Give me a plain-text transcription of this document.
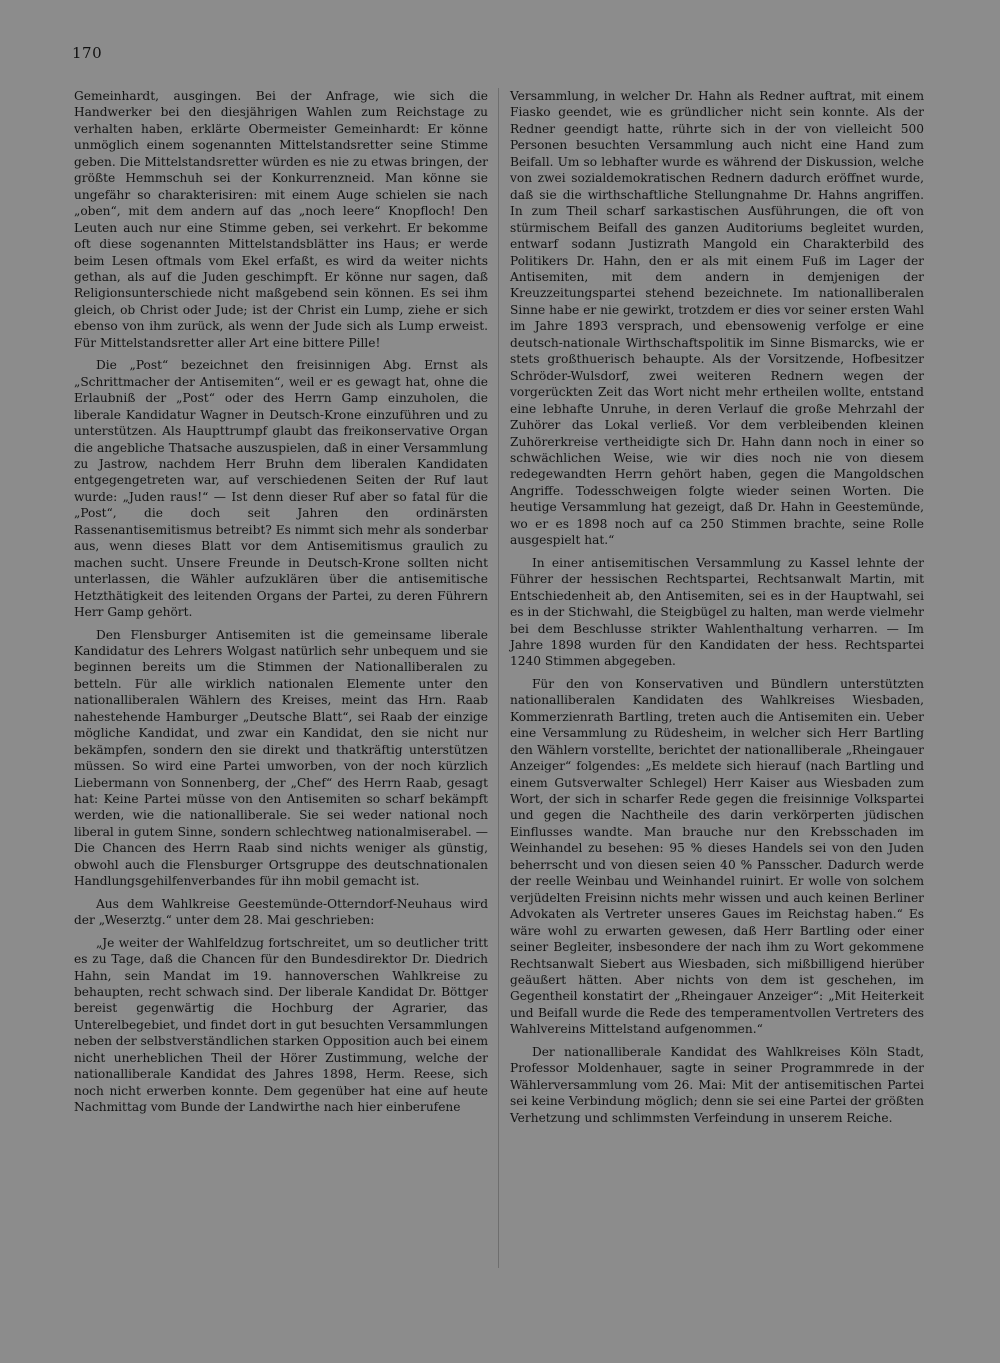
170

Gemeinhardt, ausgingen. Bei der Anfrage, wie sich die Handwerker bei den diesjährigen Wahlen zum Reichstage zu verhalten haben, erklärte Obermeister Gemeinhardt: Er könne unmöglich einem sogenannten Mittelstandsretter seine Stimme geben. Die Mittelstandsretter würden es nie zu etwas bringen, der größte Hemmschuh sei der Konkurrenzneid. Man könne sie ungefähr so charakterisiren: mit einem Auge schielen sie nach „oben“, mit dem andern auf das „noch leere“ Knopfloch! Den Leuten auch nur eine Stimme geben, sei verkehrt. Er bekomme oft diese sogenannten Mittelstandsblätter ins Haus; er werde beim Lesen oftmals vom Ekel erfaßt, es wird da weiter nichts gethan, als auf die Juden geschimpft. Er könne nur sagen, daß Religionsunterschiede nicht maßgebend sein können. Es sei ihm gleich, ob Christ oder Jude; ist der Christ ein Lump, ziehe er sich ebenso von ihm zurück, als wenn der Jude sich als Lump erweist. Für Mittelstandsretter aller Art eine bittere Pille!

Die „Post“ bezeichnet den freisinnigen Abg. Ernst als „Schrittmacher der Antisemiten“, weil er es gewagt hat, ohne die Erlaubniß der „Post“ oder des Herrn Gamp einzuholen, die liberale Kandidatur Wagner in Deutsch-Krone einzuführen und zu unterstützen. Als Haupttrumpf glaubt das freikonservative Organ die angebliche Thatsache auszuspielen, daß in einer Versammlung zu Jastrow, nachdem Herr Bruhn dem liberalen Kandidaten entgegengetreten war, auf verschiedenen Seiten der Ruf laut wurde: „Juden raus!“ — Ist denn dieser Ruf aber so fatal für die „Post“, die doch seit Jahren den ordinärsten Rassenantisemitismus betreibt? Es nimmt sich mehr als sonderbar aus, wenn dieses Blatt vor dem Antisemitismus graulich zu machen sucht. Unsere Freunde in Deutsch-Krone sollten nicht unterlassen, die Wähler aufzuklären über die antisemitische Hetzthätigkeit des leitenden Organs der Partei, zu deren Führern Herr Gamp gehört.

Den Flensburger Antisemiten ist die gemeinsame liberale Kandidatur des Lehrers Wolgast natürlich sehr unbequem und sie beginnen bereits um die Stimmen der Nationalliberalen zu betteln. Für alle wirklich nationalen Elemente unter den nationalliberalen Wählern des Kreises, meint das Hrn. Raab nahestehende Hamburger „Deutsche Blatt“, sei Raab der einzige mögliche Kandidat, und zwar ein Kandidat, den sie nicht nur bekämpfen, sondern den sie direkt und thatkräftig unterstützen müssen. So wird eine Partei umworben, von der noch kürzlich Liebermann von Sonnenberg, der „Chef“ des Herrn Raab, gesagt hat: Keine Partei müsse von den Antisemiten so scharf bekämpft werden, wie die nationalliberale. Sie sei weder national noch liberal in gutem Sinne, sondern schlechtweg nationalmiserabel. — Die Chancen des Herrn Raab sind nichts weniger als günstig, obwohl auch die Flensburger Ortsgruppe des deutschnationalen Handlungsgehilfenverbandes für ihn mobil gemacht ist.

Aus dem Wahlkreise Geestemünde-Otterndorf-Neuhaus wird der „Weserztg.“ unter dem 28. Mai geschrieben:

„Je weiter der Wahlfeldzug fortschreitet, um so deutlicher tritt es zu Tage, daß die Chancen für den Bundesdirektor Dr. Diedrich Hahn, sein Mandat im 19. hannoverschen Wahlkreise zu behaupten, recht schwach sind. Der liberale Kandidat Dr. Böttger bereist gegenwärtig die Hochburg der Agrarier, das Unterelbegebiet, und findet dort in gut besuchten Versammlungen neben der selbstverständlichen starken Opposition auch bei einem nicht unerheblichen Theil der Hörer Zustimmung, welche der nationalliberale Kandidat des Jahres 1898, Herm. Reese, sich noch nicht erwerben konnte. Dem gegenüber hat eine auf heute Nachmittag vom Bunde der Landwirthe nach hier einberufene

Versammlung, in welcher Dr. Hahn als Redner auftrat, mit einem Fiasko geendet, wie es gründlicher nicht sein konnte. Als der Redner geendigt hatte, rührte sich in der von vielleicht 500 Personen besuchten Versammlung auch nicht eine Hand zum Beifall. Um so lebhafter wurde es während der Diskussion, welche von zwei sozialdemokratischen Rednern dadurch eröffnet wurde, daß sie die wirthschaftliche Stellungnahme Dr. Hahns angriffen. In zum Theil scharf sarkastischen Ausführungen, die oft von stürmischem Beifall des ganzen Auditoriums begleitet wurden, entwarf sodann Justizrath Mangold ein Charakterbild des Politikers Dr. Hahn, den er als mit einem Fuß im Lager der Antisemiten, mit dem andern in demjenigen der Kreuzzeitungspartei stehend bezeichnete. Im nationalliberalen Sinne habe er nie gewirkt, trotzdem er dies vor seiner ersten Wahl im Jahre 1893 versprach, und ebensowenig verfolge er eine deutsch-nationale Wirthschaftspolitik im Sinne Bismarcks, wie er stets großthuerisch behaupte. Als der Vorsitzende, Hofbesitzer Schröder-Wulsdorf, zwei weiteren Rednern wegen der vorgerückten Zeit das Wort nicht mehr ertheilen wollte, entstand eine lebhafte Unruhe, in deren Verlauf die große Mehrzahl der Zuhörer das Lokal verließ. Vor dem verbleibenden kleinen Zuhörerkreise vertheidigte sich Dr. Hahn dann noch in einer so schwächlichen Weise, wie wir dies noch nie von diesem redegewandten Herrn gehört haben, gegen die Mangoldschen Angriffe. Todesschweigen folgte wieder seinen Worten. Die heutige Versammlung hat gezeigt, daß Dr. Hahn in Geestemünde, wo er es 1898 noch auf ca 250 Stimmen brachte, seine Rolle ausgespielt hat.“

In einer antisemitischen Versammlung zu Kassel lehnte der Führer der hessischen Rechtspartei, Rechtsanwalt Martin, mit Entschiedenheit ab, den Antisemiten, sei es in der Hauptwahl, sei es in der Stichwahl, die Steigbügel zu halten, man werde vielmehr bei dem Beschlusse strikter Wahlenthaltung verharren. — Im Jahre 1898 wurden für den Kandidaten der hess. Rechtspartei 1240 Stimmen abgegeben.

Für den von Konservativen und Bündlern unterstützten nationalliberalen Kandidaten des Wahlkreises Wiesbaden, Kommerzienrath Bartling, treten auch die Antisemiten ein. Ueber eine Versammlung zu Rüdesheim, in welcher sich Herr Bartling den Wählern vorstellte, berichtet der nationalliberale „Rheingauer Anzeiger“ folgendes: „Es meldete sich hierauf (nach Bartling und einem Gutsverwalter Schlegel) Herr Kaiser aus Wiesbaden zum Wort, der sich in scharfer Rede gegen die freisinnige Volkspartei und gegen die Nachtheile des darin verkörperten jüdischen Einflusses wandte. Man brauche nur den Krebsschaden im Weinhandel zu besehen: 95 % dieses Handels sei von den Juden beherrscht und von diesen seien 40 % Pansscher. Dadurch werde der reelle Weinbau und Weinhandel ruinirt. Er wolle von solchem verjüdelten Freisinn nichts mehr wissen und auch keinen Berliner Advokaten als Vertreter unseres Gaues im Reichstag haben.“ Es wäre wohl zu erwarten gewesen, daß Herr Bartling oder einer seiner Begleiter, insbesondere der nach ihm zu Wort gekommene Rechtsanwalt Siebert aus Wiesbaden, sich mißbilligend hierüber geäußert hätten. Aber nichts von dem ist geschehen, im Gegentheil konstatirt der „Rheingauer Anzeiger“: „Mit Heiterkeit und Beifall wurde die Rede des temperamentvollen Vertreters des Wahlvereins Mittelstand aufgenommen.“

Der nationalliberale Kandidat des Wahlkreises Köln Stadt, Professor Moldenhauer, sagte in seiner Programmrede in der Wählerversammlung vom 26. Mai: Mit der antisemitischen Partei sei keine Verbindung möglich; denn sie sei eine Partei der größten Verhetzung und schlimmsten Verfeindung in unserem Reiche.
